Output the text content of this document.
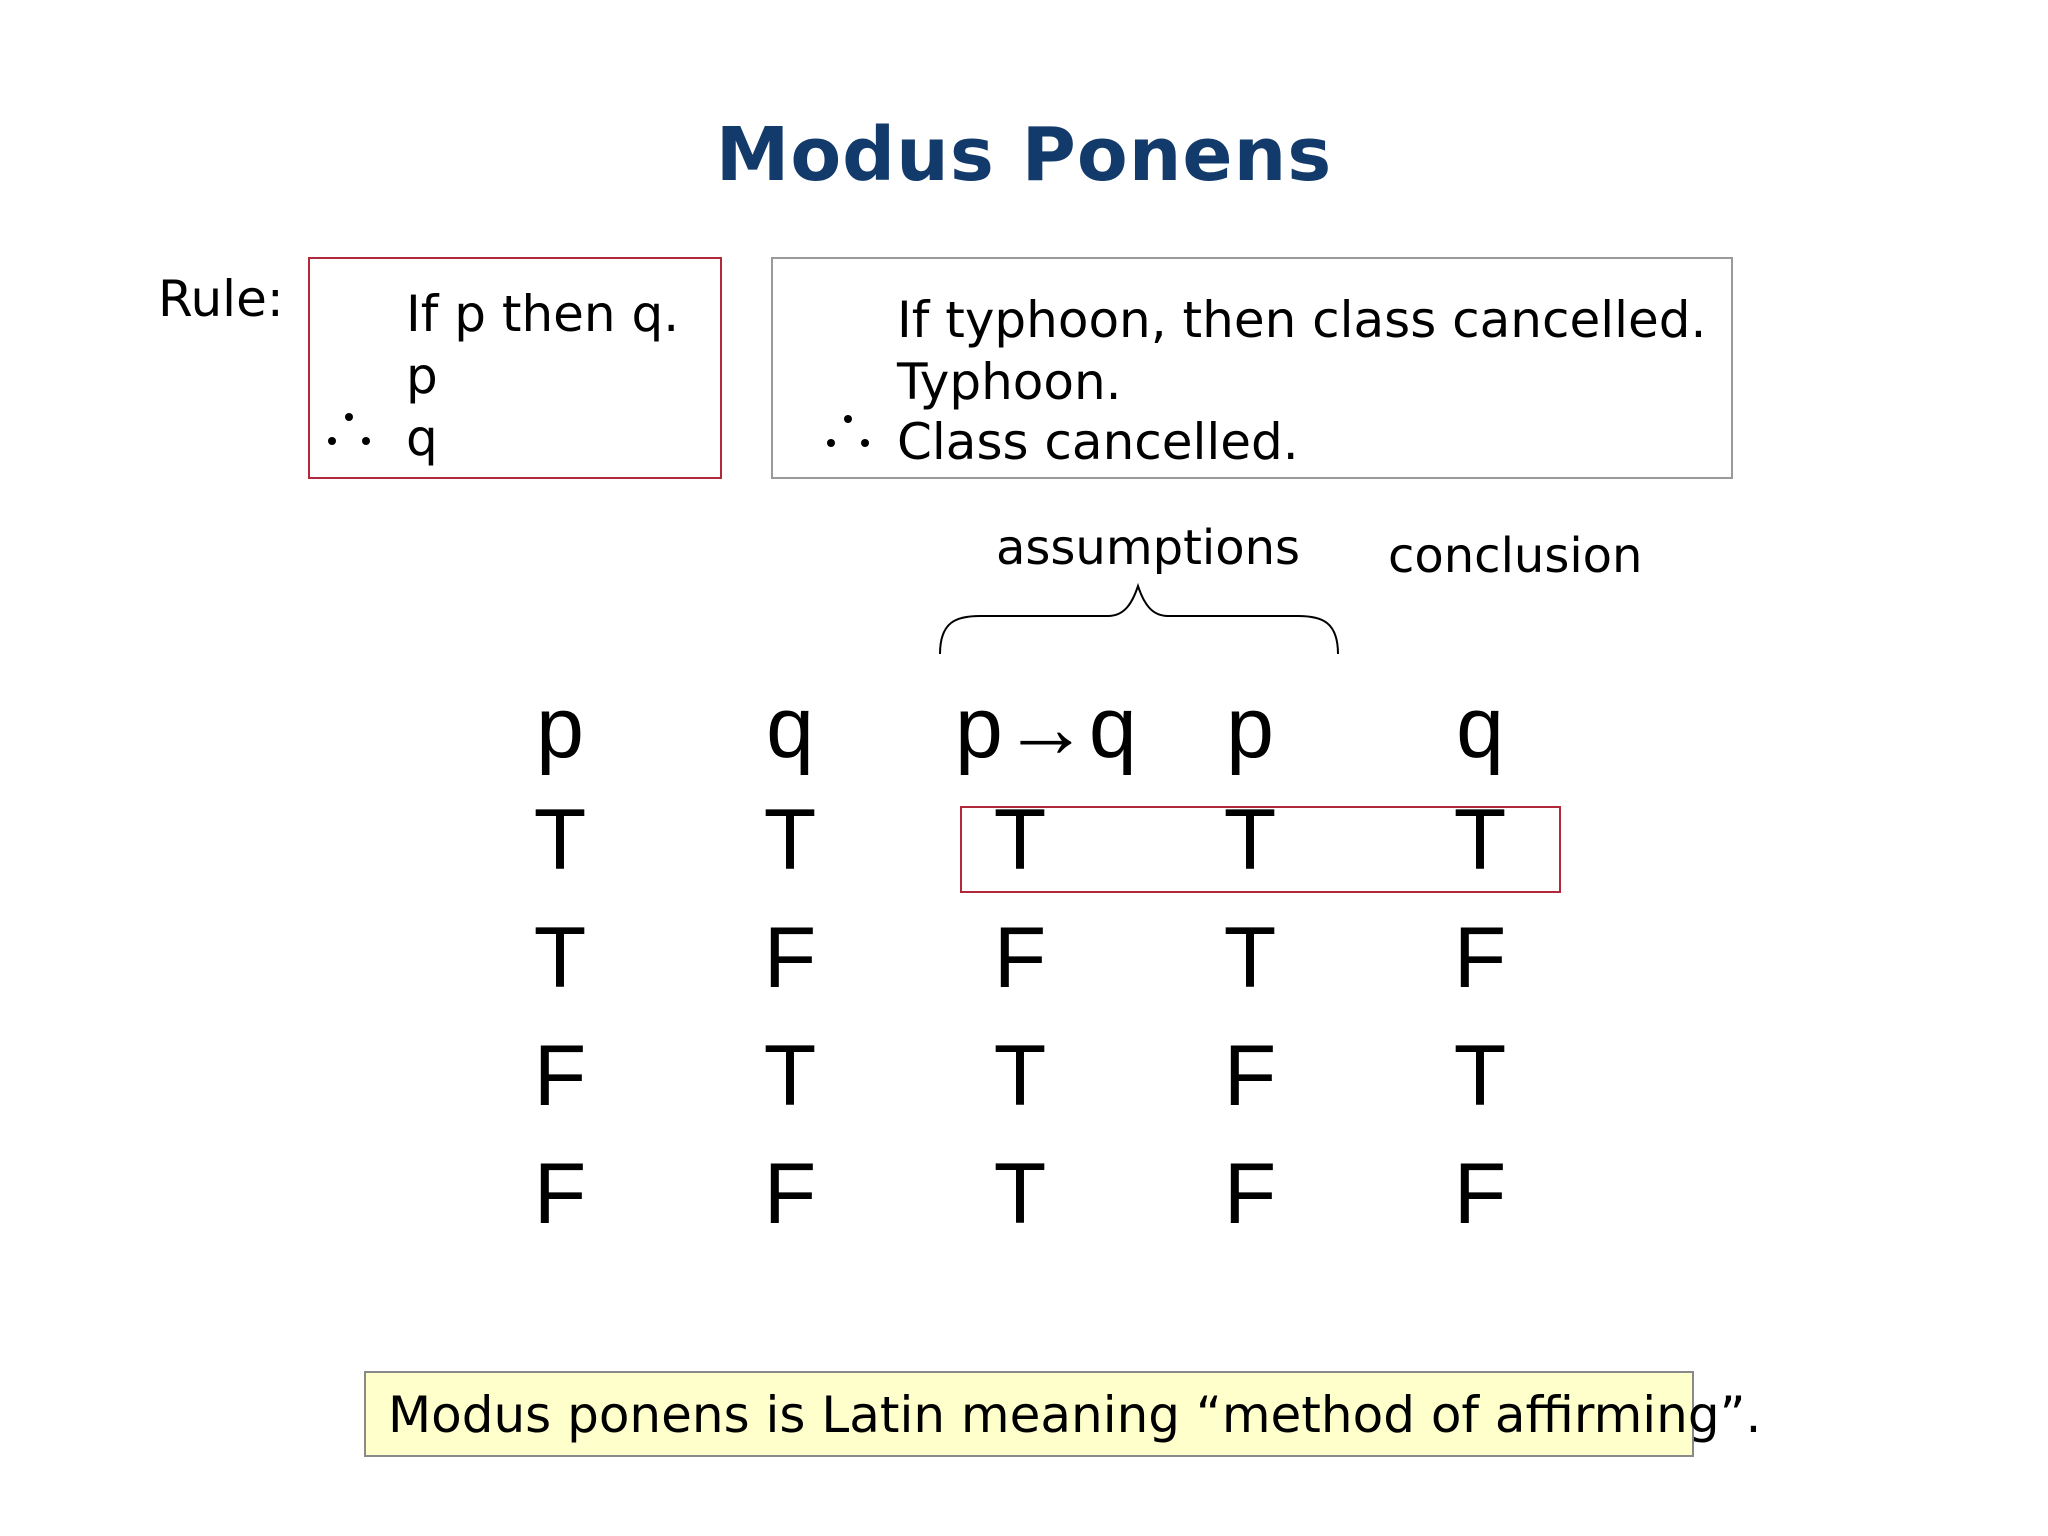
Modus Ponens
Rule: If p then q.
p
q
If typhoon, then class cancelled.
Typhoon.
Class cancelled.
assumptions conclusion
p	q	p→q	p	q
T	T	T	T	T
T	F	F	T	F
F	T	T	F	T
F	F	T	F	F
Modus ponens is Latin meaning “method of affirming”.
